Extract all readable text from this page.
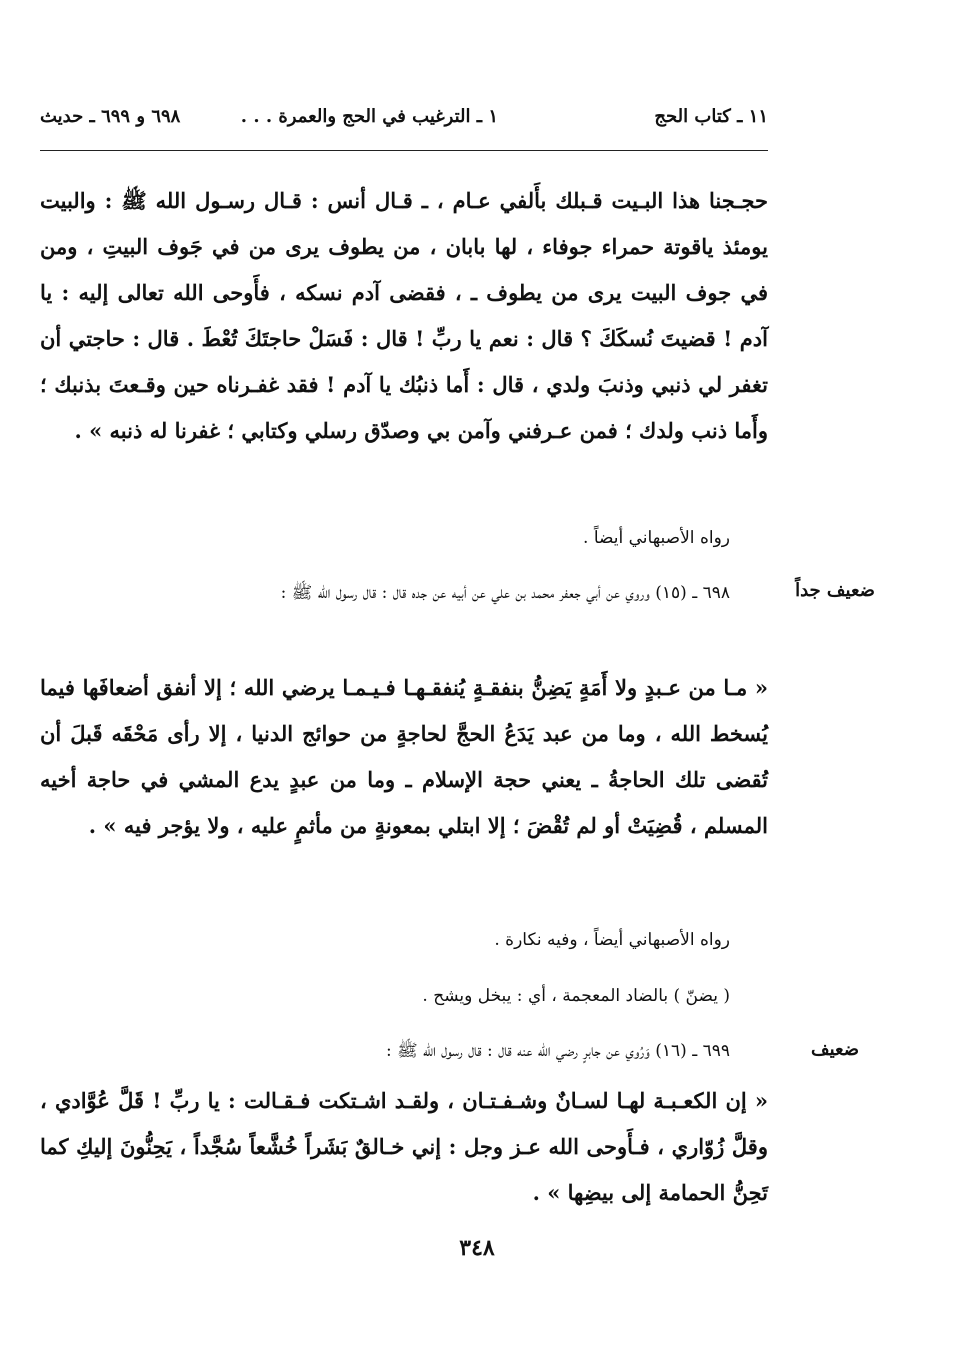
١١ ـ كتاب الحج
١ ـ الترغيب في الحج والعمرة . . .
٦٩٨ و ٦٩٩ ـ حديث
حجـجنا هذا البـيت قـبلك بأَلفي عـام ، ـ قـال أنس : قـال رسـول الله ﷺ : والبيت يومئذ ياقوتة حمراء جوفاء ، لها بابان ، من يطوف يرى من في جَوف البيتِ ، ومن في جوف البيت يرى من يطوف ـ ، فقضى آدم نسكه ، فأَوحى الله تعالى إليه : يا آدم ! قضيتَ نُسكَكَ ؟ قال : نعم يا ربِّ ! قال : فَسَلْ حاجتَكَ تُعْطَ . قال : حاجتي أن تغفر لي ذنبي وذنبَ ولدي ، قال : أَما ذنبُك يا آدم ! فقد غفـرناه حين وقـعتَ بذنبك ؛ وأَما ذنب ولدك ؛ فمن عـرفني وآمن بي وصدّق رسلي وكتابي ؛ غفرنا له ذنبه » .
رواه الأصبهاني أيضاً .
ضعيف جداً
٦٩٨ ـ (١٥) وروي عن أبي جعفر محمد بن علي عن أبيه عن جده قال : قال رسول الله ﷺ :
« مـا من عـبدٍ ولا أَمَةٍ يَضِنُّ بنفقـةٍ يُنفقـهـا فـيـمـا يرضي الله ؛ إلا أنفق أضعافَها فيما يُسخط الله ، وما من عبد يَدَعُ الحجَّ لحاجةٍ من حوائج الدنيا ، إلا رأى مَحْقَه قَبلَ أن تُقضى تلك الحاجةُ ـ يعني حجة الإسلام ـ وما من عبدٍ يدع المشي في حاجة أخيه المسلم ، قُضِيَتْ أو لم تُقْضَ ؛ إلا ابتلي بمعونةٍ من مأثمٍ عليه ، ولا يؤجر فيه » .
رواه الأصبهاني أيضاً ، وفيه نكارة .
( يضنّ ) بالضاد المعجمة ، أي : يبخل ويشح .
ضعيف
٦٩٩ ـ (١٦) وَرُوي عن جابرٍ رضي الله عنه قال : قال رسول الله ﷺ :
« إن الكعـبـة لهـا لسـانٌ وشـفـتـان ، ولقـد اشـتكت فـقـالت : يا ربِّ ! قَلَّ عُوَّادي ، وقلَّ زُوّاري ، فـأَوحى الله عـز وجل : إني خـالقٌ بَشَراً خُشَّعاً سُجَّداً ، يَحِنُّونَ إليكِ كما تَحِنُّ الحمامة إلى بيضِها » .
٣٤٨
